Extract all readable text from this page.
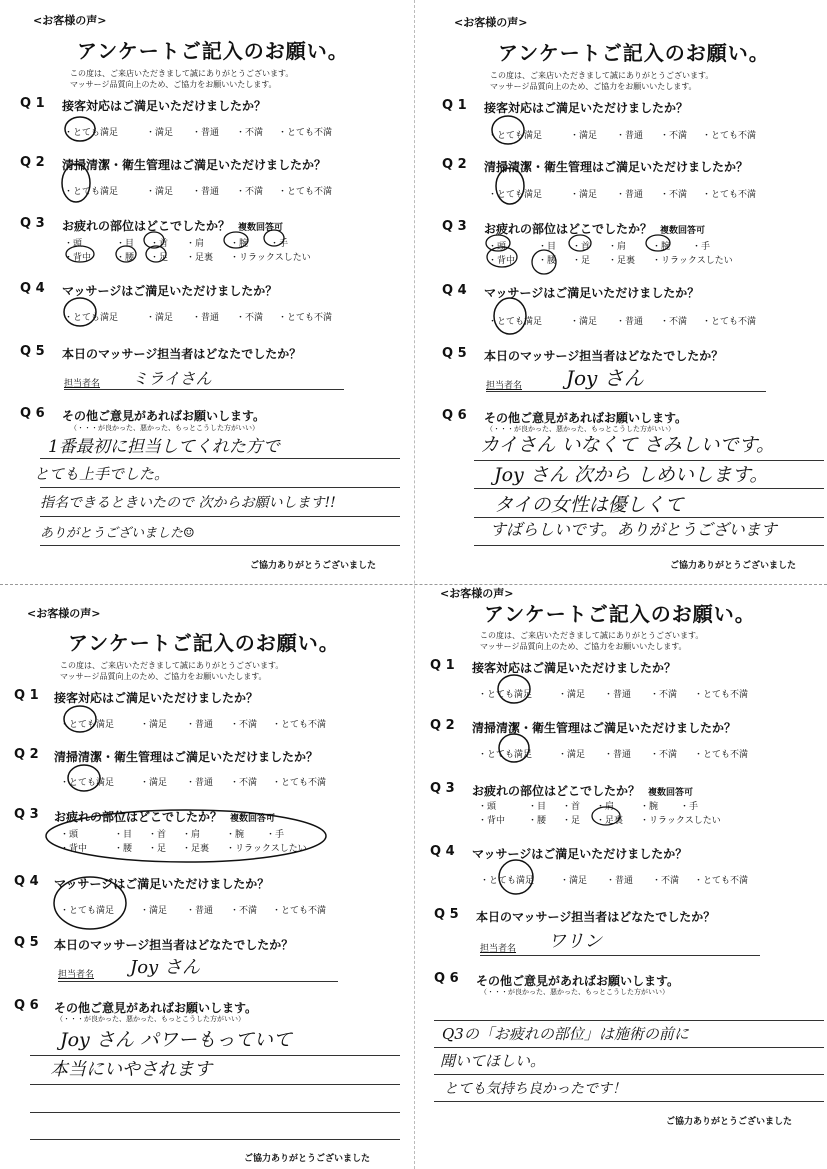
<お客様の声>
アンケートご記入のお願い。
この度は、ご来店いただきまして誠にありがとうございます。
マッサージ品質向上のため、ご協力をお願いいたします。
Q 1 接客対応はご満足いただけましたか？
・とても満足	・満足 ・普通 ・不満 ・とても不満
Q 2 清掃清潔・衛生管理はご満足いただけましたか？
・とても満足	・満足 ・普通 ・不満 ・とても不満
Q 3 お疲れの部位はどこでしたか？ 複数回答可
・頭	・目 ・首 ・肩	・腕 ・手
・背中	・腰 ・足 ・足裏 ・リラックスしたい
Q 4 マッサージはご満足いただけましたか？
・とても満足	・満足 ・普通 ・不満 ・とても不満
Q 5 本日のマッサージ担当者はどなたでしたか？
担当者名 ミライさん
Q 6 その他ご意見があればお願いします。
（・・・が良かった、悪かった、もっとこうした方がいい）
1番最初に担当してくれた方で
とても上手でした。
指名できるときいたので 次からお願いします!!
ありがとうございました☺
ご協力ありがとうございました
<お客様の声>
アンケートご記入のお願い。
この度は、ご来店いただきまして誠にありがとうございます。
マッサージ品質向上のため、ご協力をお願いいたします。
Q 1 接客対応はご満足いただけましたか？
・とても満足	・満足 ・普通 ・不満 ・とても不満
Q 2 清掃清潔・衛生管理はご満足いただけましたか？
・とても満足	・満足 ・普通 ・不満 ・とても不満
Q 3 お疲れの部位はどこでしたか？ 複数回答可
・頭	・目 ・首 ・肩	・腕 ・手
・背中	・腰 ・足 ・足裏 ・リラックスしたい
Q 4 マッサージはご満足いただけましたか？
・とても満足	・満足 ・普通 ・不満 ・とても不満
Q 5 本日のマッサージ担当者はどなたでしたか？
担当者名 Joy さん
Q 6 その他ご意見があればお願いします。
（・・・が良かった、悪かった、もっとこうした方がいい）
カイさん いなくて さみしいです。
Joy さん 次から しめいします。
タイの女性は優しくて
すばらしいです。ありがとうございます
ご協力ありがとうございました
<お客様の声>
アンケートご記入のお願い。
この度は、ご来店いただきまして誠にありがとうございます。
マッサージ品質向上のため、ご協力をお願いいたします。
Q 1 接客対応はご満足いただけましたか？
・とても満足	・満足 ・普通 ・不満 ・とても不満
Q 2 清掃清潔・衛生管理はご満足いただけましたか？
・とても満足	・満足 ・普通 ・不満 ・とても不満
Q 3 お疲れの部位はどこでしたか？ 複数回答可
・頭	・目 ・首 ・肩	・腕 ・手
・背中	・腰 ・足 ・足裏 ・リラックスしたい
Q 4 マッサージはご満足いただけましたか？
・とても満足	・満足 ・普通 ・不満 ・とても不満
Q 5 本日のマッサージ担当者はどなたでしたか？
担当者名 Joy さん
Q 6 その他ご意見があればお願いします。
（・・・が良かった、悪かった、もっとこうした方がいい）
Joy さん パワーもっていて
本当にいやされます
ご協力ありがとうございました
<お客様の声>
アンケートご記入のお願い。
この度は、ご来店いただきまして誠にありがとうございます。
マッサージ品質向上のため、ご協力をお願いいたします。
Q 1 接客対応はご満足いただけましたか？
・とても満足	・満足 ・普通 ・不満 ・とても不満
Q 2 清掃清潔・衛生管理はご満足いただけましたか？
・とても満足	・満足 ・普通 ・不満 ・とても不満
Q 3 お疲れの部位はどこでしたか？ 複数回答可
・頭	・目 ・首 ・肩	・腕 ・手
・背中	・腰 ・足 ・足裏 ・リラックスしたい
Q 4 マッサージはご満足いただけましたか？
・とても満足	・満足 ・普通 ・不満 ・とても不満
Q 5 本日のマッサージ担当者はどなたでしたか？
担当者名 ワリン
Q 6 その他ご意見があればお願いします。
（・・・が良かった、悪かった、もっとこうした方がいい）
Q3の「お疲れの部位」は施術の前に
聞いてほしい。
とても気持ち良かったです！
ご協力ありがとうございました
